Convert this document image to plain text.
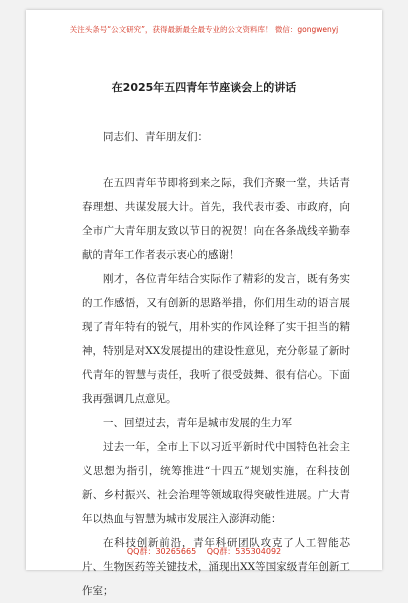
关注头条号“公文研究”，获得最新最全最专业的公文资料库！ 微信：gongwenyj
在2025年五四青年节座谈会上的讲话

同志们、青年朋友们：

在五四青年节即将到来之际，我们齐聚一堂，共话青春理想、共谋发展大计。首先，我代表市委、市政府，向全市广大青年朋友致以节日的祝贺！向在各条战线辛勤奉献的青年工作者表示衷心的感谢！

刚才，各位青年结合实际作了精彩的发言，既有务实的工作感悟，又有创新的思路举措，你们用生动的语言展现了青年特有的锐气，用朴实的作风诠释了实干担当的精神，特别是对XX发展提出的建设性意见，充分彰显了新时代青年的智慧与责任，我听了很受鼓舞、很有信心。下面我再强调几点意见。

一、回望过去，青年是城市发展的生力军

过去一年，全市上下以习近平新时代中国特色社会主义思想为指引，统筹推进“十四五”规划实施，在科技创新、乡村振兴、社会治理等领域取得突破性进展。广大青年以热血与智慧为城市发展注入澎湃动能：

在科技创新前沿，青年科研团队攻克了人工智能芯片、生物医药等关键技术，涌现出XX等国家级青年创新工作室；

QQ群：30265665 QQ群：535304092
